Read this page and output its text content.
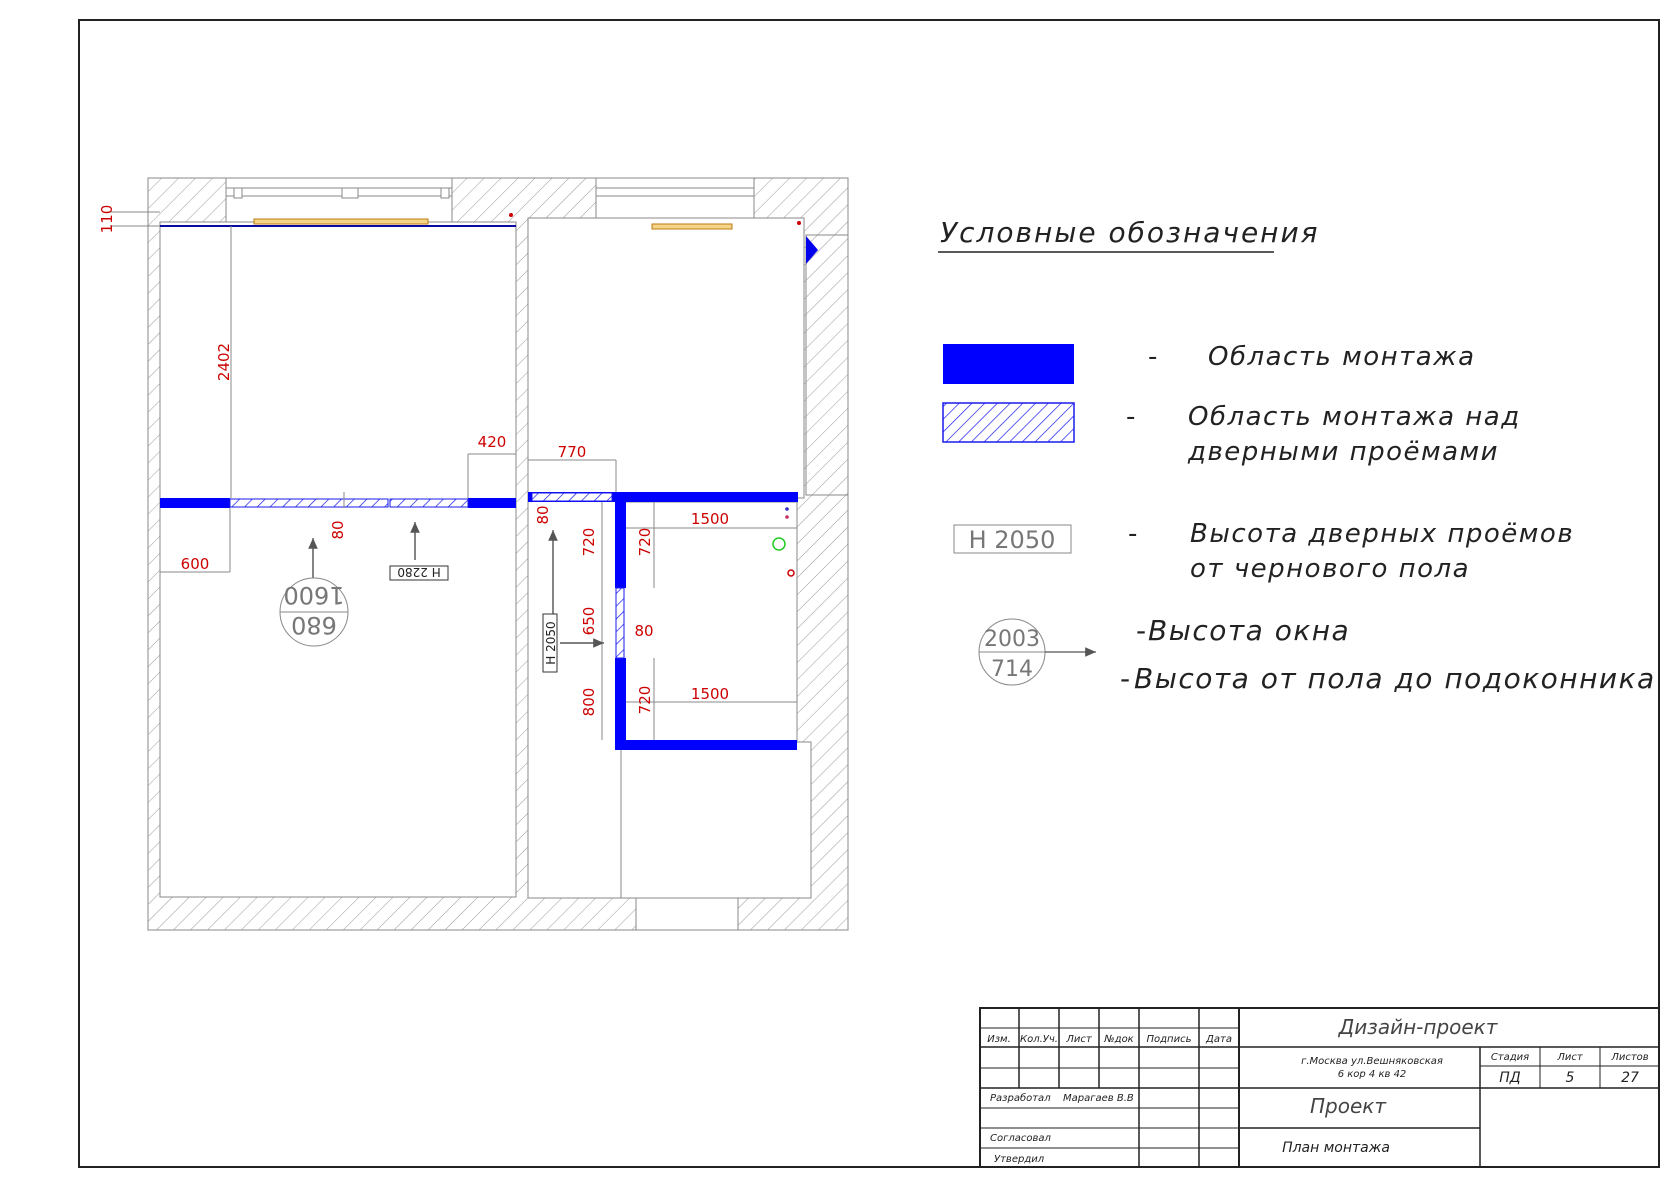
680
1600
Н 2280
Н 2050
110
2402
420
770
80
600
80	720	720
1500
650 80
800	720 1500
Условные обозначения
- Область монтажа
- Область монтажа над
дверными проёмами
Н 2050	- Высота дверных проёмов
от чернового пола
2003
714
- Высота окна
- Высота от пола до подоконника
Изм. Кол.Уч. Лист №док Подпись Дата
Дизайн-проект
г.Москва ул.Вешняковская
6 кор 4 кв 42
Стадия	Лист	Листов
ПД	5	27
Разработал Марагаев В.В
Согласовал
Утвердил
Проект
План монтажа
